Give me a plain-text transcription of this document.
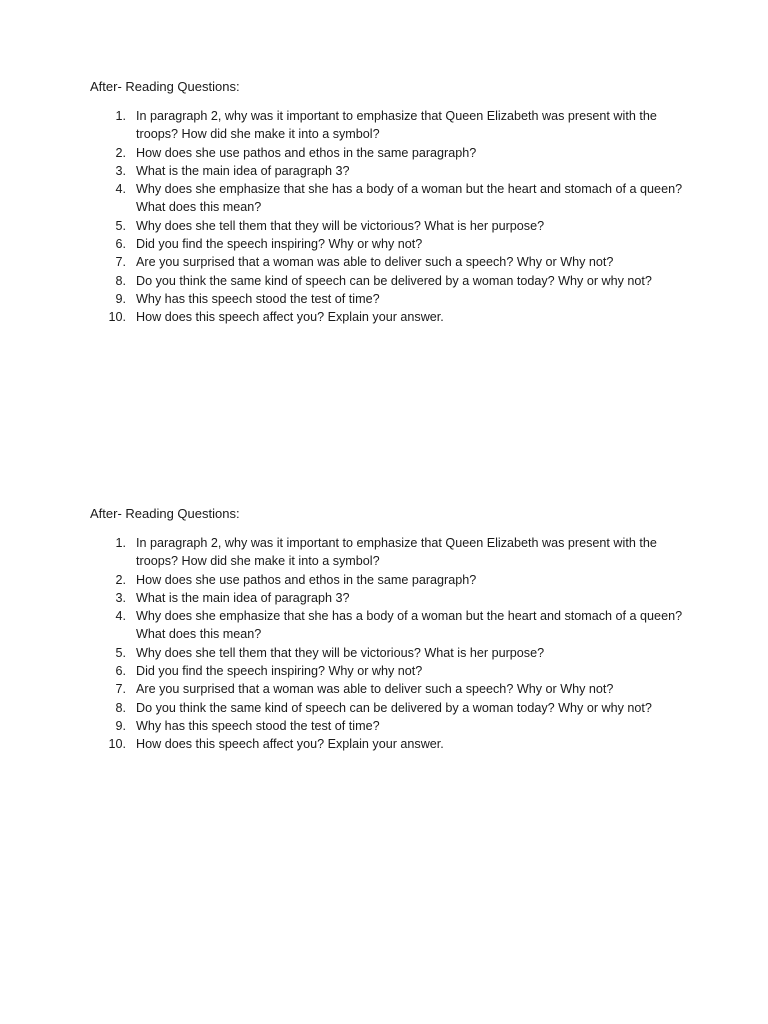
After- Reading Questions:

1. In paragraph 2, why was it important to emphasize that Queen Elizabeth was present with the troops? How did she make it into a symbol?
2. How does she use pathos and ethos in the same paragraph?
3. What is the main idea of paragraph 3?
4. Why does she emphasize that she has a body of a woman but the heart and stomach of a queen? What does this mean?
5. Why does she tell them that they will be victorious? What is her purpose?
6. Did you find the speech inspiring? Why or why not?
7. Are you surprised that a woman was able to deliver such a speech? Why or Why not?
8. Do you think the same kind of speech can be delivered by a woman today? Why or why not?
9. Why has this speech stood the test of time?
10. How does this speech affect you? Explain your answer.

After- Reading Questions:

1. In paragraph 2, why was it important to emphasize that Queen Elizabeth was present with the troops? How did she make it into a symbol?
2. How does she use pathos and ethos in the same paragraph?
3. What is the main idea of paragraph 3?
4. Why does she emphasize that she has a body of a woman but the heart and stomach of a queen? What does this mean?
5. Why does she tell them that they will be victorious? What is her purpose?
6. Did you find the speech inspiring? Why or why not?
7. Are you surprised that a woman was able to deliver such a speech? Why or Why not?
8. Do you think the same kind of speech can be delivered by a woman today? Why or why not?
9. Why has this speech stood the test of time?
10. How does this speech affect you? Explain your answer.
